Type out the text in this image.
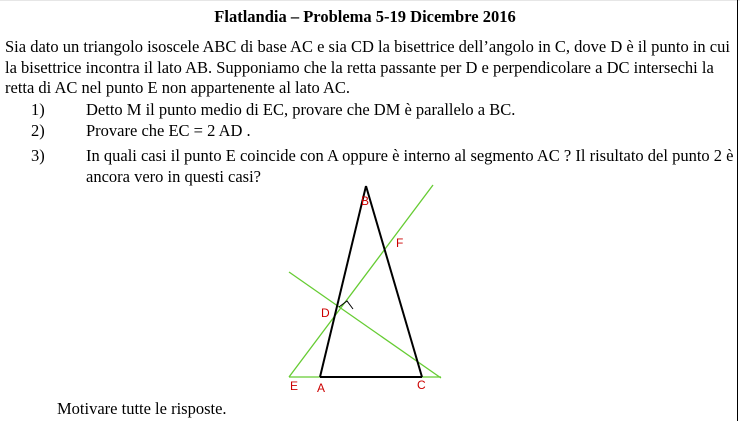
Flatlandia – Problema 5-19 Dicembre 2016
Sia dato un triangolo isoscele ABC di base AC e sia CD la bisettrice dell’angolo in C, dove D è il punto in cui la bisettrice incontra il lato AB. Supponiamo che la retta passante per D e perpendicolare a DC intersechi la retta di AC nel punto E non appartenente al lato AC.
1)	Detto M il punto medio di EC, provare che DM è parallelo a BC.
2)	Provare che EC = 2 AD .
3)	In quali casi il punto E coincide con A oppure è interno al segmento AC ? Il risultato del punto 2 è ancora vero in questi casi?
B
F
D
E A	C
Motivare tutte le risposte.
